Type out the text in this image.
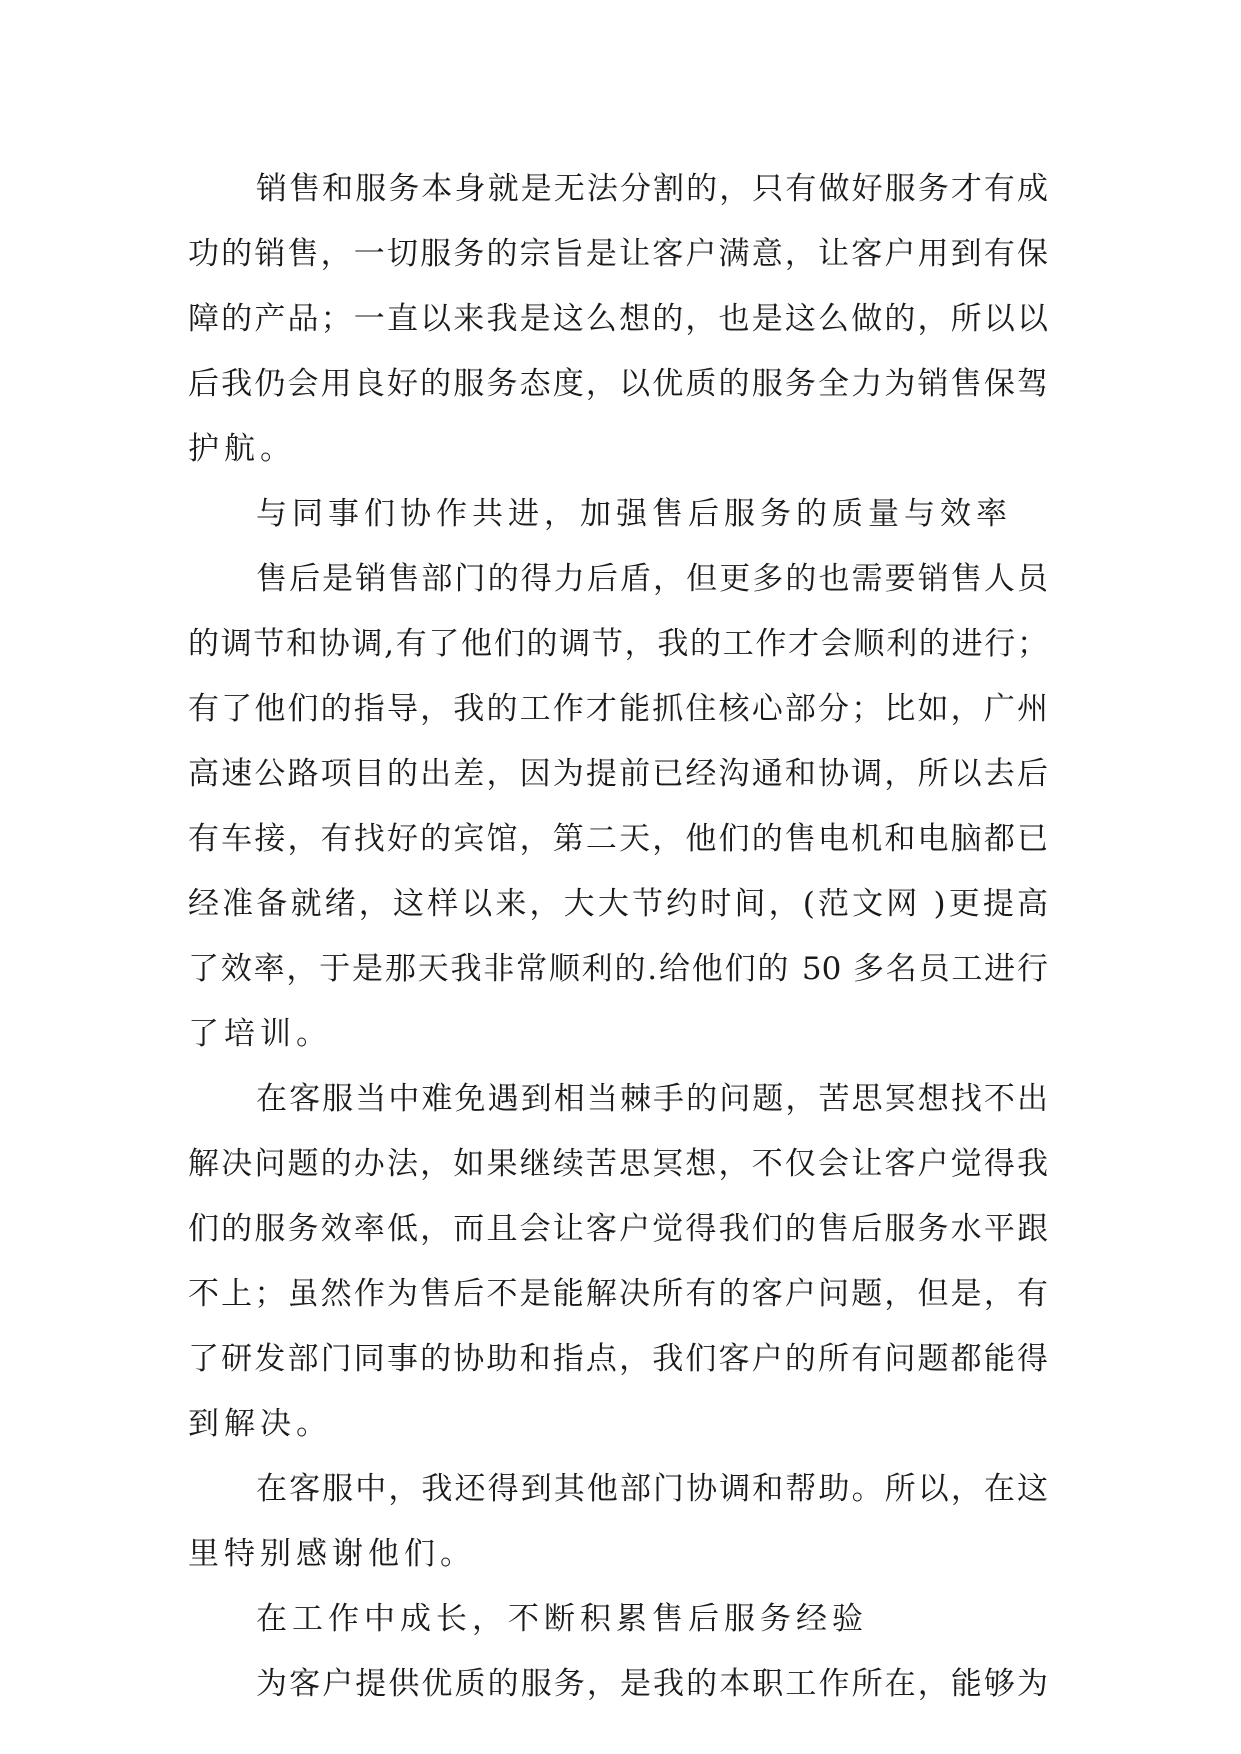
销售和服务本身就是无法分割的，只有做好服务才有成
功的销售，一切服务的宗旨是让客户满意，让客户用到有保
障的产品；一直以来我是这么想的，也是这么做的，所以以
后我仍会用良好的服务态度，以优质的服务全力为销售保驾
护航。
与同事们协作共进，加强售后服务的质量与效率
售后是销售部门的得力后盾，但更多的也需要销售人员
的调节和协调,有了他们的调节，我的工作才会顺利的进行；
有了他们的指导，我的工作才能抓住核心部分；比如，广州
高速公路项目的出差，因为提前已经沟通和协调，所以去后
有车接，有找好的宾馆，第二天，他们的售电机和电脑都已
经准备就绪，这样以来，大大节约时间，(范文网 )更提高
了效率，于是那天我非常顺利的.给他们的 50 多名员工进行
了培训。
在客服当中难免遇到相当棘手的问题，苦思冥想找不出
解决问题的办法，如果继续苦思冥想，不仅会让客户觉得我
们的服务效率低，而且会让客户觉得我们的售后服务水平跟
不上；虽然作为售后不是能解决所有的客户问题，但是，有
了研发部门同事的协助和指点，我们客户的所有问题都能得
到解决。
在客服中，我还得到其他部门协调和帮助。所以，在这
里特别感谢他们。
在工作中成长，不断积累售后服务经验
为客户提供优质的服务，是我的本职工作所在，能够为
